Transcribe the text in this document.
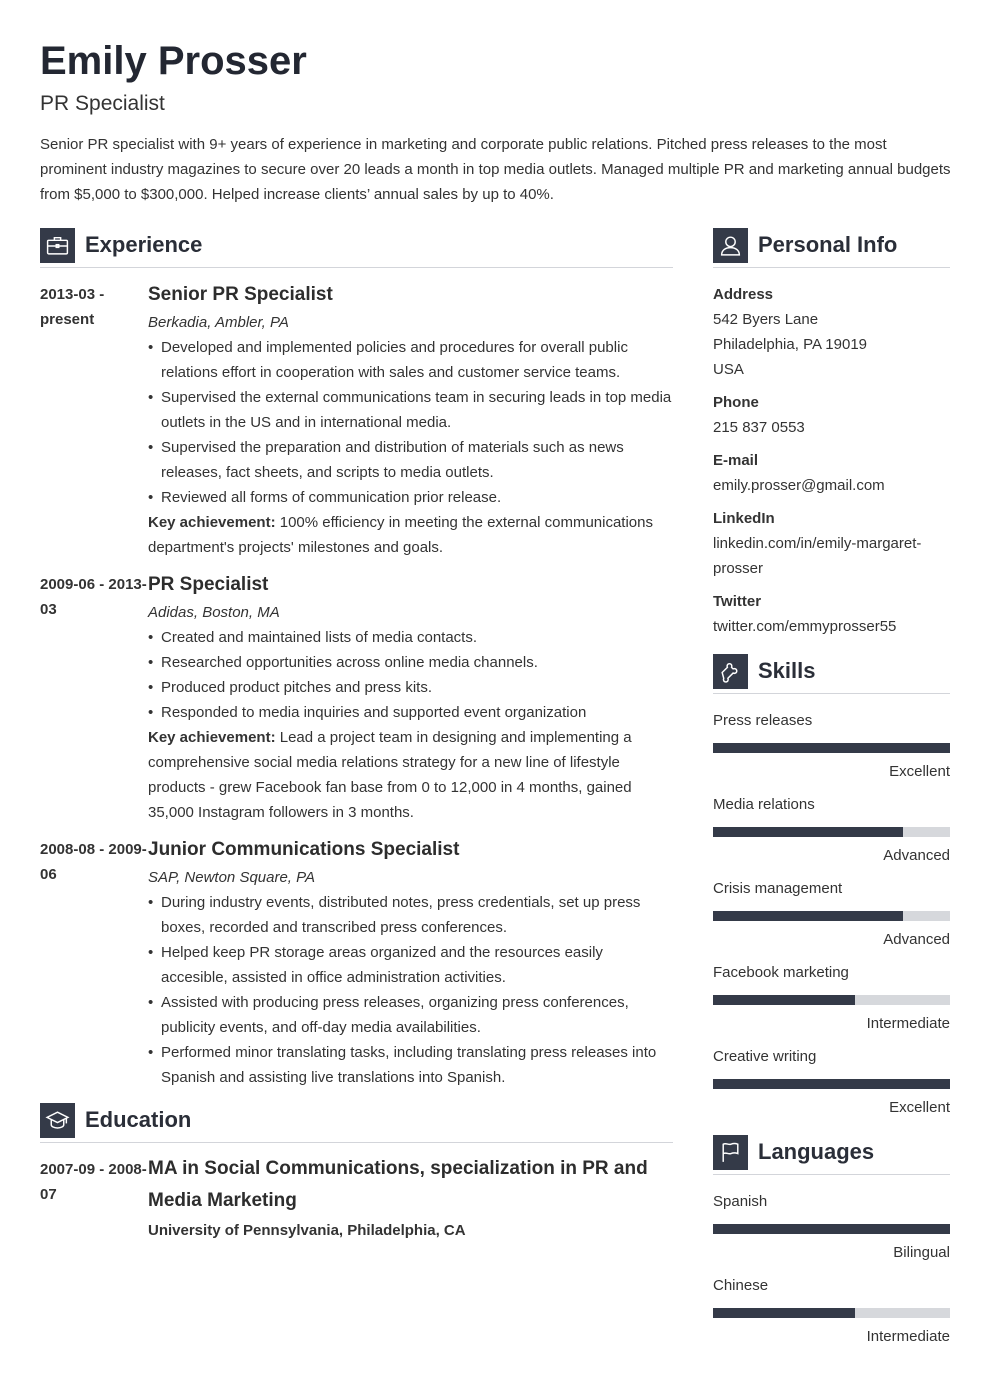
Emily Prosser
PR Specialist
Senior PR specialist with 9+ years of experience in marketing and corporate public relations. Pitched press releases to the most prominent industry magazines to secure over 20 leads a month in top media outlets. Managed multiple PR and marketing annual budgets from $5,000 to $300,000. Helped increase clients’ annual sales by up to 40%.
Experience
2013-03 - present
Senior PR Specialist
Berkadia, Ambler, PA
• Developed and implemented policies and procedures for overall public relations effort in cooperation with sales and customer service teams.
• Supervised the external communications team in securing leads in top media outlets in the US and in international media.
• Supervised the preparation and distribution of materials such as news releases, fact sheets, and scripts to media outlets.
• Reviewed all forms of communication prior release.
Key achievement: 100% efficiency in meeting the external communications department's projects' milestones and goals.
2009-06 - 2013-03
PR Specialist
Adidas, Boston, MA
• Created and maintained lists of media contacts.
• Researched opportunities across online media channels.
• Produced product pitches and press kits.
• Responded to media inquiries and supported event organization
Key achievement: Lead a project team in designing and implementing a comprehensive social media relations strategy for a new line of lifestyle products - grew Facebook fan base from 0 to 12,000 in 4 months, gained 35,000 Instagram followers in 3 months.
2008-08 - 2009-06
Junior Communications Specialist
SAP, Newton Square, PA
• During industry events, distributed notes, press credentials, set up press boxes, recorded and transcribed press conferences.
• Helped keep PR storage areas organized and the resources easily accesible, assisted in office administration activities.
• Assisted with producing press releases, organizing press conferences, publicity events, and off-day media availabilities.
• Performed minor translating tasks, including translating press releases into Spanish and assisting live translations into Spanish.
Education
2007-09 - 2008-07
MA in Social Communications, specialization in PR and Media Marketing
University of Pennsylvania, Philadelphia, CA
Personal Info
Address
542 Byers Lane
Philadelphia, PA 19019
USA
Phone
215 837 0553
E-mail
emily.prosser@gmail.com
LinkedIn
linkedin.com/in/emily-margaret-prosser
Twitter
twitter.com/emmyprosser55
Skills
Press releases
Excellent
Media relations
Advanced
Crisis management
Advanced
Facebook marketing
Intermediate
Creative writing
Excellent
Languages
Spanish
Bilingual
Chinese
Intermediate
